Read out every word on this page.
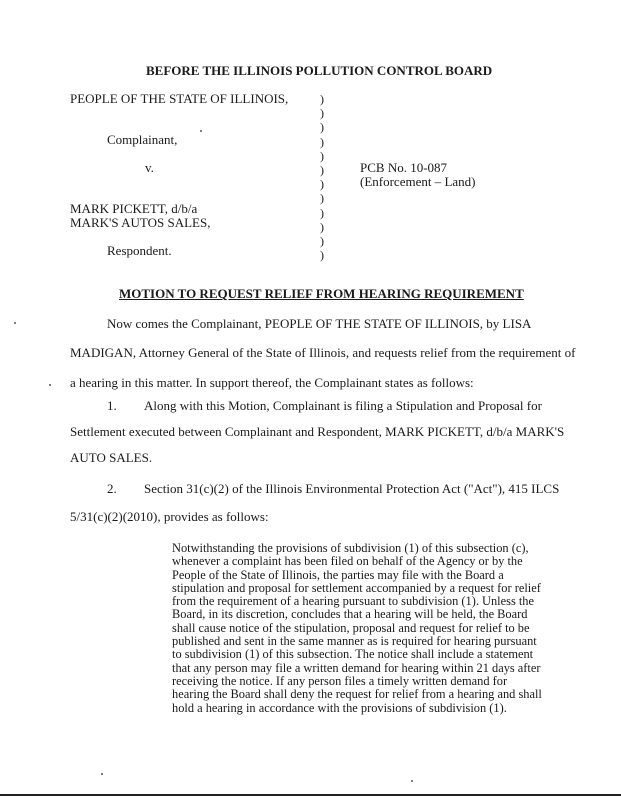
BEFORE THE ILLINOIS POLLUTION CONTROL BOARD
PEOPLE OF THE STATE OF ILLINOIS,
Complainant,
v.	PCB No. 10-087
(Enforcement – Land)
MARK PICKETT, d/b/a
MARK'S AUTOS SALES,
Respondent.
)
)
)
)
)
)
)
)
)
)
)
)
MOTION TO REQUEST RELIEF FROM HEARING REQUIREMENT
Now comes the Complainant, PEOPLE OF THE STATE OF ILLINOIS, by LISA
MADIGAN, Attorney General of the State of Illinois, and requests relief from the requirement of
a hearing in this matter. In support thereof, the Complainant states as follows:
1. Along with this Motion, Complainant is filing a Stipulation and Proposal for
Settlement executed between Complainant and Respondent, MARK PICKETT, d/b/a MARK'S
AUTO SALES.
2. Section 31(c)(2) of the Illinois Environmental Protection Act ("Act"), 415 ILCS
5/31(c)(2)(2010), provides as follows:
Notwithstanding the provisions of subdivision (1) of this subsection (c),
whenever a complaint has been filed on behalf of the Agency or by the
People of the State of Illinois, the parties may file with the Board a
stipulation and proposal for settlement accompanied by a request for relief
from the requirement of a hearing pursuant to subdivision (1). Unless the
Board, in its discretion, concludes that a hearing will be held, the Board
shall cause notice of the stipulation, proposal and request for relief to be
published and sent in the same manner as is required for hearing pursuant
to subdivision (1) of this subsection. The notice shall include a statement
that any person may file a written demand for hearing within 21 days after
receiving the notice. If any person files a timely written demand for
hearing the Board shall deny the request for relief from a hearing and shall
hold a hearing in accordance with the provisions of subdivision (1).
